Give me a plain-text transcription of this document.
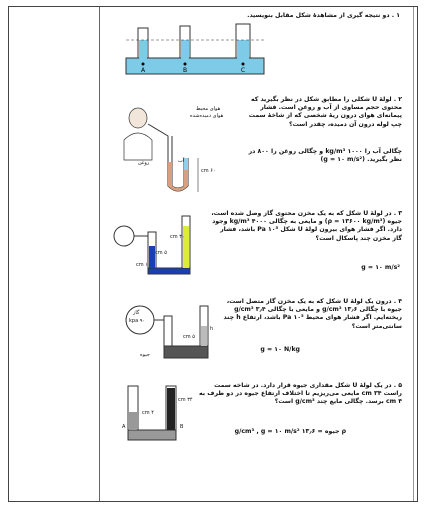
۱ . دو نتیجه گیری از مشاهدهٔ شکل مقابل بنویسید.
A	B	C
۲ . لولهٔ U شکلی را مطابق شکل در نظر بگیرید که محتوی حجم مساوی از آب و روغن است. فشار پیمانه‌ای هوای درون ریهٔ شخصی که از شاخهٔ سمت چپ لوله درون آن دمیده، چقدر است؟
چگالی آب را ۱۰۰۰ kg/m³ و چگالی روغن را ۸۰۰ در نظر بگیرید. (g = ۱۰ m/s²)
هوای محیط
هوای دمیده‌شده
روغن	آب
۶۰ cm
۳ . در لولهٔ U شکل که به یک مخزن محتوی گاز وصل شده است، جیوه (ρ = ۱۳۶۰۰ kg/m³) و مایعی به چگالی ۴۰۰۰ kg/m³ وجود دارد. اگر فشار هوای بیرون لولهٔ U شکل ۱۰⁵ Pa باشد، فشار گاز مخزن چند پاسکال است؟
g = ۱۰ m/s²
۳۰ cm
۵ cm
۱۰ cm
۴ . درون یک لولهٔ U شکل که به یک مخزن گاز متصل است، جیوه با چگالی ۱۳٫۶ g/cm³ و مایعی با چگالی ۳٫۴ g/cm³ ریخته‌ایم. اگر فشار هوای محیط ۱۰⁵ Pa باشد، ارتفاع h چند سانتی‌متر است؟
g = ۱۰ N/kg
گاز
۹۰ kpa
جیوه
h
۵ cm
۵ . در یک لولهٔ U شکل مقداری جیوه قرار دارد. در شاخه سمت راست ۳۴ cm مایعی می‌ریزیم تا اختلاف ارتفاع جیوه در دو طرف به ۴ cm برسد. چگالی مایع چند g/cm³ است؟
ρ جیوه = ۱۳٫۶ g/cm³ , g = ۱۰ m/s²
۴ cm
۳۴ cm
A	B
